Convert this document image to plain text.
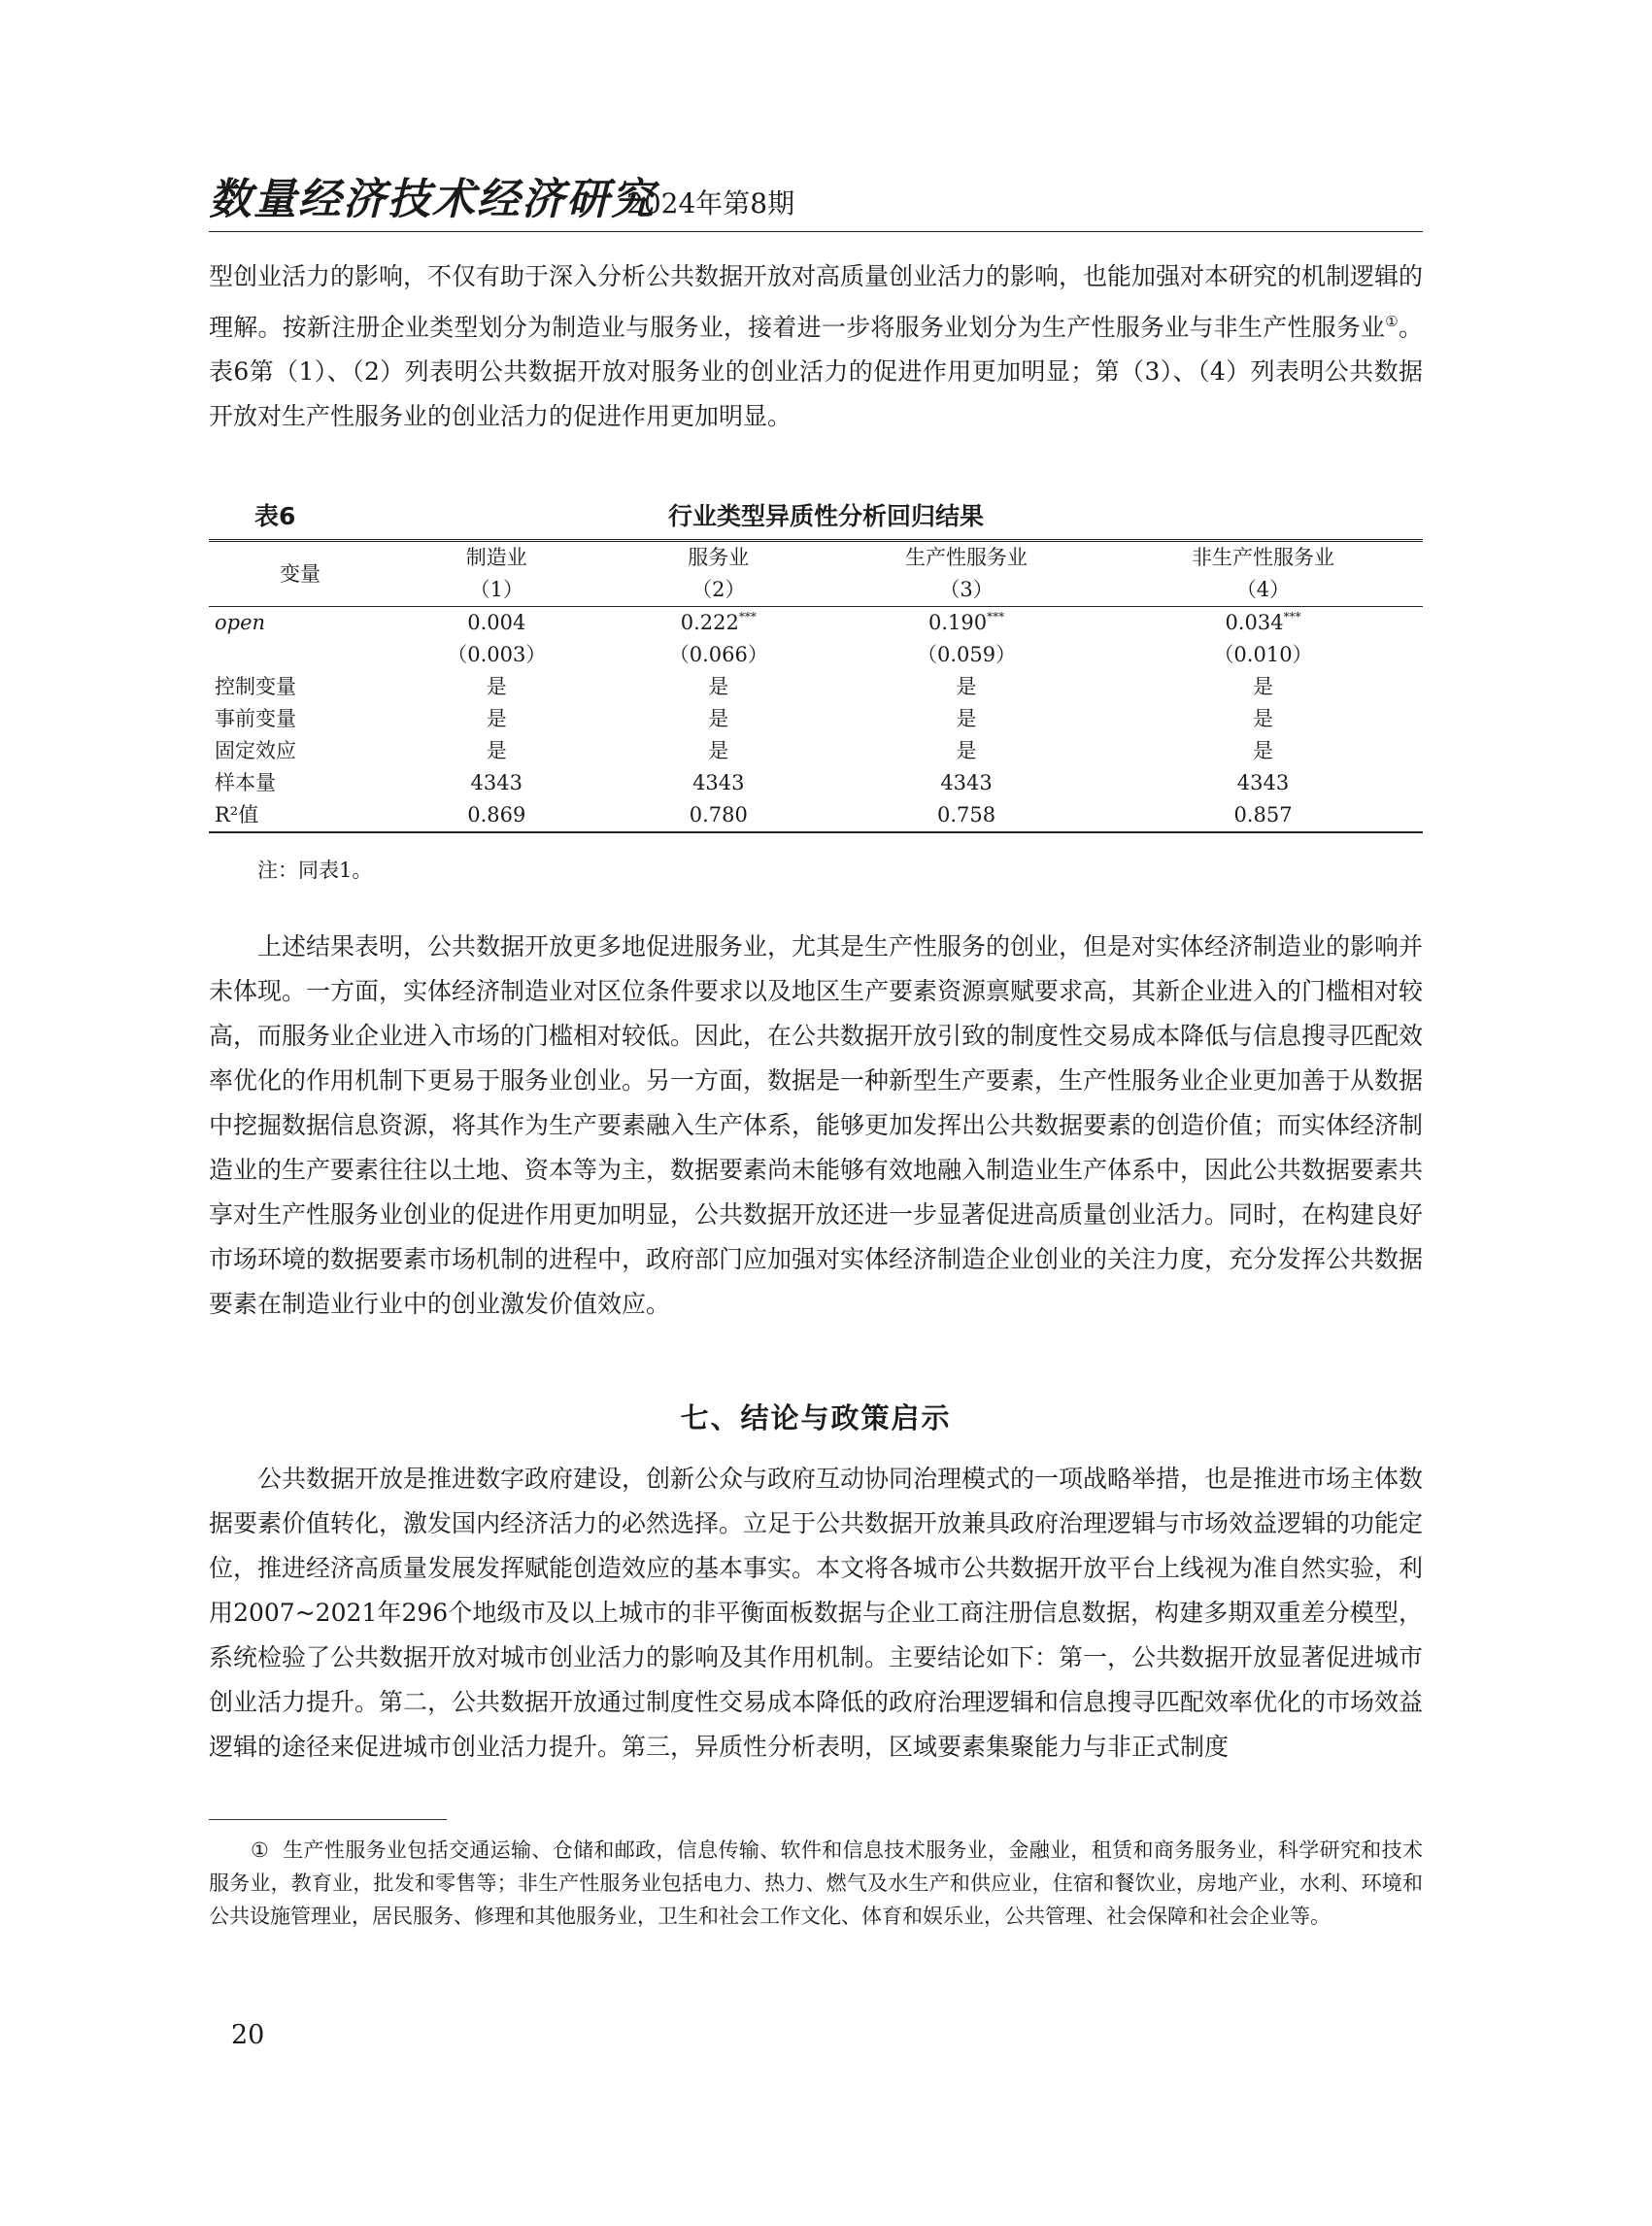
数量经济技术经济研究
2024年第8期

型创业活力的影响，不仅有助于深入分析公共数据开放对高质量创业活力的影响，也能加强对本研究的机制逻辑的理解。按新注册企业类型划分为制造业与服务业，接着进一步将服务业划分为生产性服务业与非生产性服务业①。表6第（1）、（2）列表明公共数据开放对服务业的创业活力的促进作用更加明显；第（3）、（4）列表明公共数据开放对生产性服务业的创业活力的促进作用更加明显。

表6	行业类型异质性分析回归结果
变量	制造业	服务业	生产性服务业	非生产性服务业
	（1）	（2）	（3）	（4）
open	0.004	0.222***	0.190***	0.034***
	（0.003）	（0.066）	（0.059）	（0.010）
控制变量	是	是	是	是
事前变量	是	是	是	是
固定效应	是	是	是	是
样本量	4343	4343	4343	4343
R²值	0.869	0.780	0.758	0.857
注：同表1。

上述结果表明，公共数据开放更多地促进服务业，尤其是生产性服务的创业，但是对实体经济制造业的影响并未体现。一方面，实体经济制造业对区位条件要求以及地区生产要素资源禀赋要求高，其新企业进入的门槛相对较高，而服务业企业进入市场的门槛相对较低。因此，在公共数据开放引致的制度性交易成本降低与信息搜寻匹配效率优化的作用机制下更易于服务业创业。另一方面，数据是一种新型生产要素，生产性服务业企业更加善于从数据中挖掘数据信息资源，将其作为生产要素融入生产体系，能够更加发挥出公共数据要素的创造价值；而实体经济制造业的生产要素往往以土地、资本等为主，数据要素尚未能够有效地融入制造业生产体系中，因此公共数据要素共享对生产性服务业创业的促进作用更加明显，公共数据开放还进一步显著促进高质量创业活力。同时，在构建良好市场环境的数据要素市场机制的进程中，政府部门应加强对实体经济制造企业创业的关注力度，充分发挥公共数据要素在制造业行业中的创业激发价值效应。

七、结论与政策启示

公共数据开放是推进数字政府建设，创新公众与政府互动协同治理模式的一项战略举措，也是推进市场主体数据要素价值转化，激发国内经济活力的必然选择。立足于公共数据开放兼具政府治理逻辑与市场效益逻辑的功能定位，推进经济高质量发展发挥赋能创造效应的基本事实。本文将各城市公共数据开放平台上线视为准自然实验，利用2007~2021年296个地级市及以上城市的非平衡面板数据与企业工商注册信息数据，构建多期双重差分模型，系统检验了公共数据开放对城市创业活力的影响及其作用机制。主要结论如下：第一，公共数据开放显著促进城市创业活力提升。第二，公共数据开放通过制度性交易成本降低的政府治理逻辑和信息搜寻匹配效率优化的市场效益逻辑的途径来促进城市创业活力提升。第三，异质性分析表明，区域要素集聚能力与非正式制度

① 生产性服务业包括交通运输、仓储和邮政，信息传输、软件和信息技术服务业，金融业，租赁和商务服务业，科学研究和技术服务业，教育业，批发和零售等；非生产性服务业包括电力、热力、燃气及水生产和供应业，住宿和餐饮业，房地产业，水利、环境和公共设施管理业，居民服务、修理和其他服务业，卫生和社会工作文化、体育和娱乐业，公共管理、社会保障和社会企业等。

20
